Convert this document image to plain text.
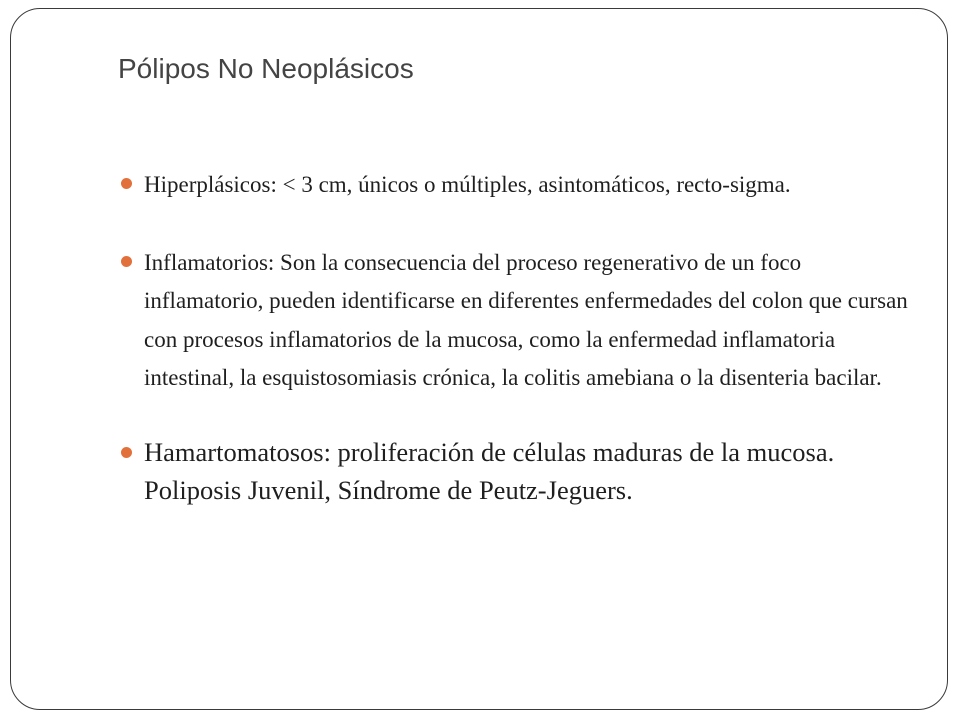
Pólipos No Neoplásicos
Hiperplásicos: < 3 cm, únicos o múltiples, asintomáticos, recto-sigma.
Inflamatorios: Son la consecuencia del proceso regenerativo de un foco inflamatorio, pueden identificarse en diferentes enfermedades del colon que cursan con procesos inflamatorios de la mucosa, como la enfermedad inflamatoria intestinal, la esquistosomiasis crónica, la colitis amebiana o la disenteria bacilar.
Hamartomatosos: proliferación de células maduras de la mucosa. Poliposis Juvenil, Síndrome de Peutz-Jeguers.
